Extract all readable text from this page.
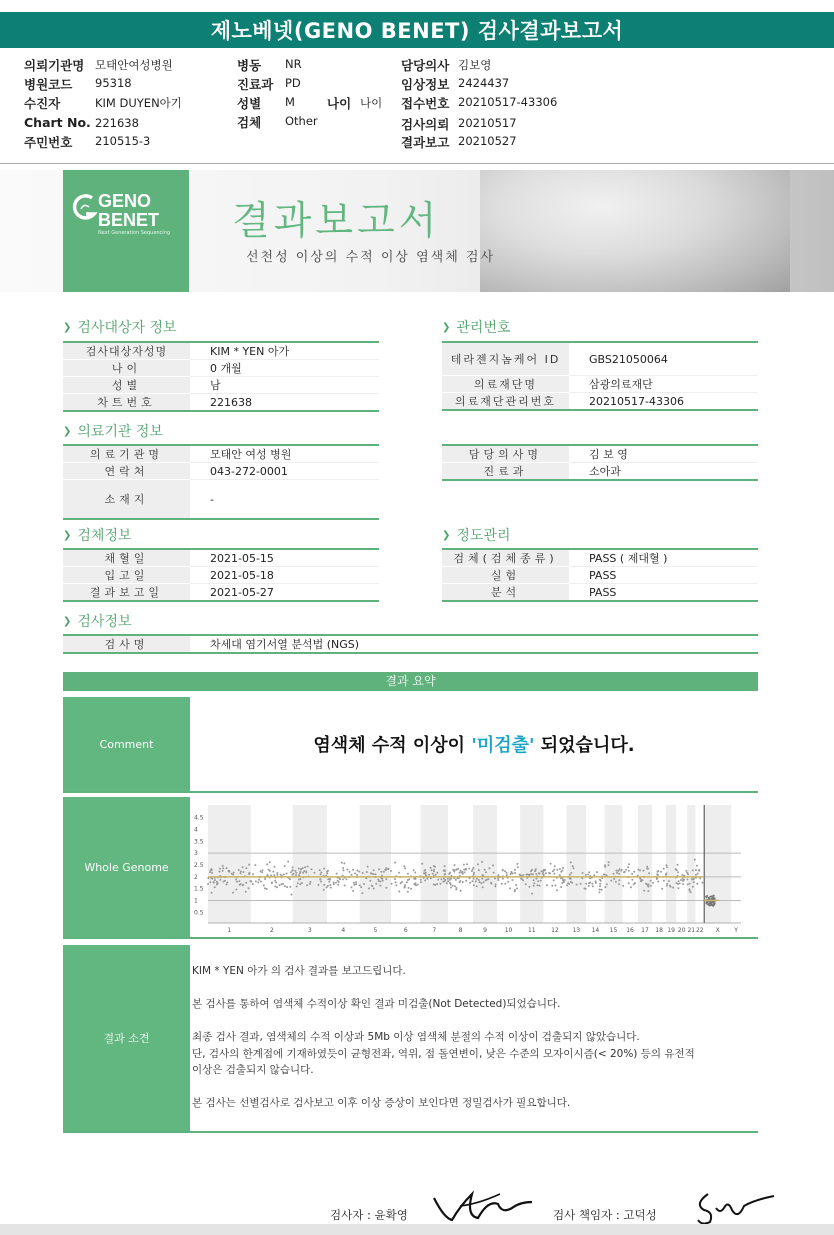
제노베넷(GENO BENET) 검사결과보고서
의뢰기관명 모태안여성병원
병원코드 95318
수진자	KIM DUYEN아기
Chart No. 221638
주민번호 210515-3
병동 NR
진료과 PD
성별 M
검체 Other
나이 나이
담당의사 김보영
임상정보 2424437
접수번호 20210517-43306
검사의뢰 20210517
결과보고 20210527
GENO
BENET
Next Generation Sequencing 결과보고서
선천성 이상의 수적 이상 염색체 검사
❯ 검사대상자 정보	❯ 관리번호
❯ 의료기관 정보
❯ 검체정보	❯ 정도관리
❯ 검사정보
검사대상자성명	KIM * YEN 아가
나이	0 개월
성별	남
차트번호	221638
테라젠지놈케어 ID	GBS21050064
의료재단명	삼광의료재단
의료재단관리번호	20210517-43306
의료기관명	모태안 여성 병원
연락처	043-272-0001
소재지	-
담당의사명	김 보 영
진료과	소아과
채혈일	2021-05-15
입고일	2021-05-18
결과보고일	2021-05-27
검체(검체종류)	PASS ( 제대혈 )
실험	PASS
분석	PASS
검사명	차세대 염기서열 분석법 (NGS)
결과 요약
Comment	염색체 수적 이상이 '미검출' 되었습니다.
Whole Genome
4.5
4
3.5
3
2.5
2
1.5
1
0.5
1	2	3	4	5	6	7	8	9	10	11	12 13 14 15 16 17 18 19 20 21 22 X Y
결과 소견

KIM * YEN 아가 의 검사 결과를 보고드립니다.

본 검사를 통하여 염색체 수적이상 확인 결과 미검출(Not Detected)되었습니다.

최종 검사 결과, 염색체의 수적 이상과 5Mb 이상 염색체 분절의 수적 이상이 검출되지 않았습니다.

단, 검사의 한계점에 기재하였듯이 균형전좌, 역위, 점 돌연변이, 낮은 수준의 모자이시즘(< 20%) 등의 유전적

이상은 검출되지 않습니다.

본 검사는 선별검사로 검사보고 이후 이상 증상이 보인다면 정밀검사가 필요합니다.

검사자 : 윤확영	검사 책임자 : 고덕성
